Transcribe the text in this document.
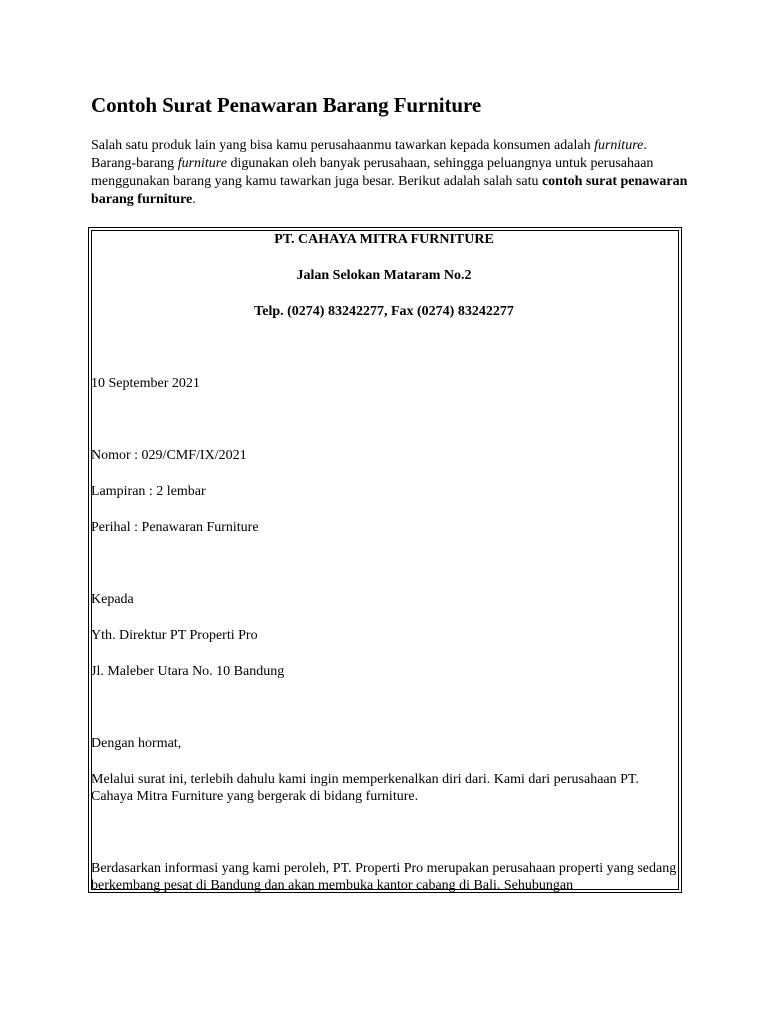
Contoh Surat Penawaran Barang Furniture

Salah satu produk lain yang bisa kamu perusahaanmu tawarkan kepada konsumen adalah furniture. Barang-barang furniture digunakan oleh banyak perusahaan, sehingga peluangnya untuk perusahaan menggunakan barang yang kamu tawarkan juga besar. Berikut adalah salah satu contoh surat penawaran barang furniture.

PT. CAHAYA MITRA FURNITURE

Jalan Selokan Mataram No.2

Telp. (0274) 83242277, Fax (0274) 83242277

10 September 2021

Nomor : 029/CMF/IX/2021

Lampiran : 2 lembar

Perihal : Penawaran Furniture

Kepada

Yth. Direktur PT Properti Pro

Jl. Maleber Utara No. 10 Bandung

Dengan hormat,

Melalui surat ini, terlebih dahulu kami ingin memperkenalkan diri dari. Kami dari perusahaan PT. Cahaya Mitra Furniture yang bergerak di bidang furniture.

Berdasarkan informasi yang kami peroleh, PT. Properti Pro merupakan perusahaan properti yang sedang berkembang pesat di Bandung dan akan membuka kantor cabang di Bali. Sehubungan
